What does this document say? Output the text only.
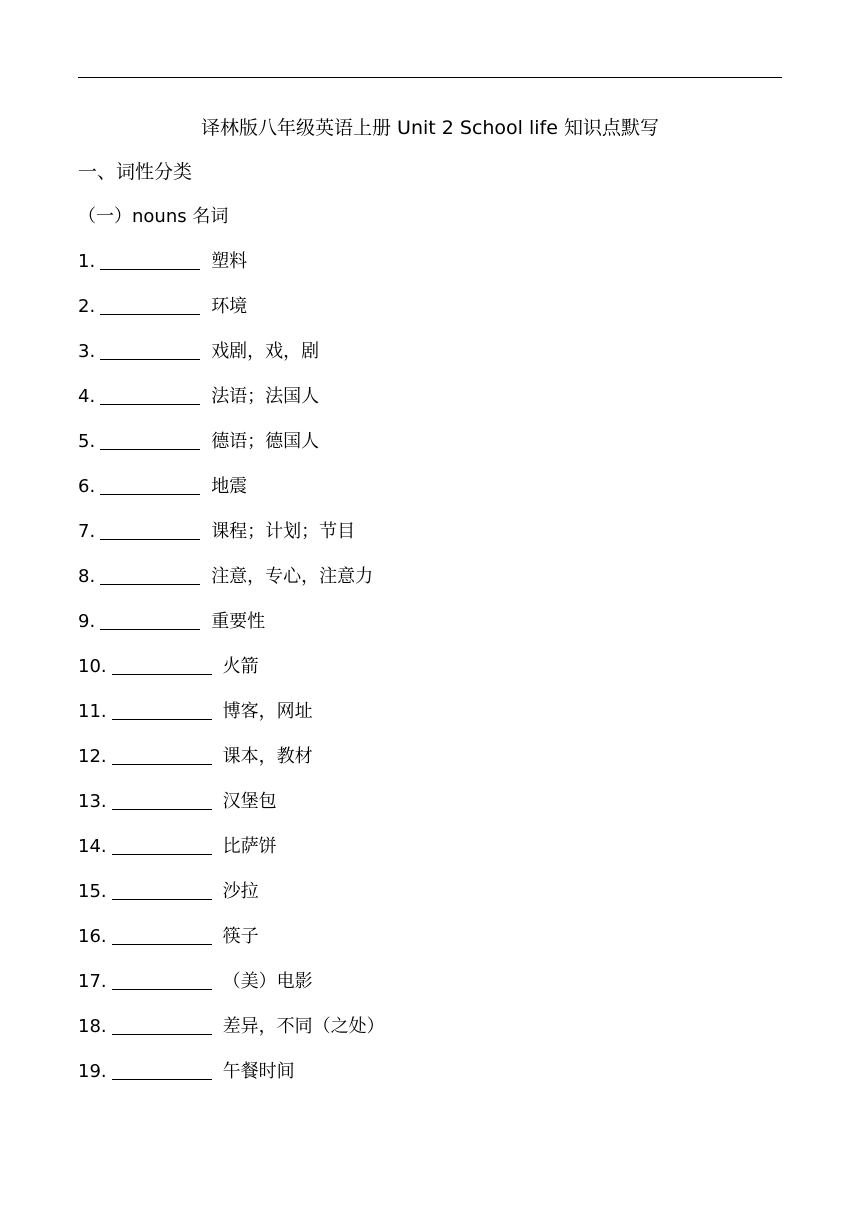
译林版八年级英语上册 Unit 2 School life 知识点默写
一、词性分类
（一）nouns 名词
1.	塑料
2.	环境
3.	戏剧，戏，剧
4.	法语；法国人
5.	德语；德国人
6.	地震
7.	课程；计划；节目
8.	注意，专心，注意力
9.	重要性
10.	火箭
11.	博客，网址
12.	课本，教材
13.	汉堡包
14.	比萨饼
15.	沙拉
16.	筷子
17.	（美）电影
18.	差异，不同（之处）
19.	午餐时间
